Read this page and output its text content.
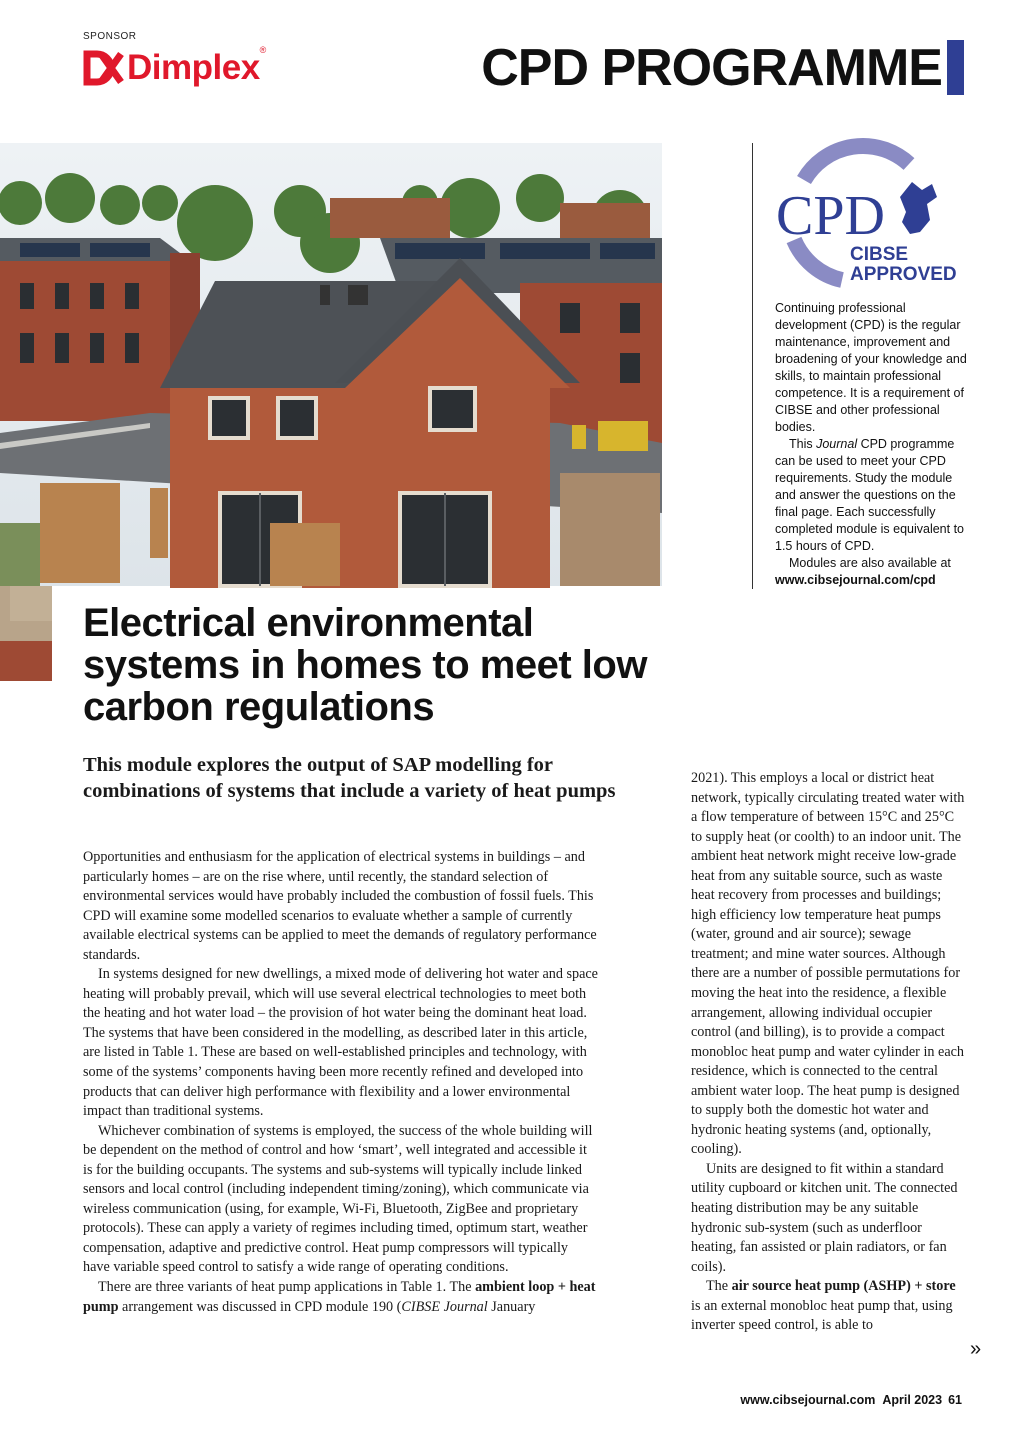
SPONSOR
Dimplex ®	CPD PROGRAMME
CPD
CIBSE
APPROVED

Continuing professional development (CPD) is the regular maintenance, improvement and broadening of your knowledge and skills, to maintain professional competence. It is a requirement of CIBSE and other professional bodies.

This Journal CPD programme can be used to meet your CPD requirements. Study the module and answer the questions on the final page. Each successfully completed module is equivalent to 1.5 hours of CPD.

Modules are also available at

www.cibsejournal.com/cpd

Electrical environmental systems in homes to meet low carbon regulations
This module explores the output of SAP modelling for combinations of systems that include a variety of heat pumps

Opportunities and enthusiasm for the application of electrical systems in buildings – and particularly homes – are on the rise where, until recently, the standard selection of environmental services would have probably included the combustion of fossil fuels. This CPD will examine some modelled scenarios to evaluate whether a sample of currently available electrical systems can be applied to meet the demands of regulatory performance standards.

In systems designed for new dwellings, a mixed mode of delivering hot water and space heating will probably prevail, which will use several electrical technologies to meet both the heating and hot water load – the provision of hot water being the dominant heat load. The systems that have been considered in the modelling, as described later in this article, are listed in Table 1. These are based on well-established principles and technology, with some of the systems’ components having been more recently refined and developed into products that can deliver high performance with flexibility and a lower environmental impact than traditional systems.

Whichever combination of systems is employed, the success of the whole building will be dependent on the method of control and how ‘smart’, well integrated and accessible it is for the building occupants. The systems and sub-systems will typically include linked sensors and local control (including independent timing/zoning), which communicate via wireless communication (using, for example, Wi-Fi, Bluetooth, ZigBee and proprietary protocols). These can apply a variety of regimes including timed, optimum start, weather compensation, adaptive and predictive control. Heat pump compressors will typically have variable speed control to satisfy a wide range of operating conditions.

There are three variants of heat pump applications in Table 1. The ambient loop + heat pump arrangement was discussed in CPD module 190 (CIBSE Journal January

2021). This employs a local or district heat network, typically circulating treated water with a flow temperature of between 15°C and 25°C to supply heat (or coolth) to an indoor unit. The ambient heat network might receive low-grade heat from any suitable source, such as waste heat recovery from processes and buildings; high efficiency low temperature heat pumps (water, ground and air source); sewage treatment; and mine water sources. Although there are a number of possible permutations for moving the heat into the residence, a flexible arrangement, allowing individual occupier control (and billing), is to provide a compact monobloc heat pump and water cylinder in each residence, which is connected to the central ambient water loop. The heat pump is designed to supply both the domestic hot water and hydronic heating systems (and, optionally, cooling).

Units are designed to fit within a standard utility cupboard or kitchen unit. The connected heating distribution may be any suitable hydronic sub-system (such as underfloor heating, fan assisted or plain radiators, or fan coils).

The air source heat pump (ASHP) + store is an external monobloc heat pump that, using inverter speed control, is able to

»
www.cibsejournal.com April 2023 61
